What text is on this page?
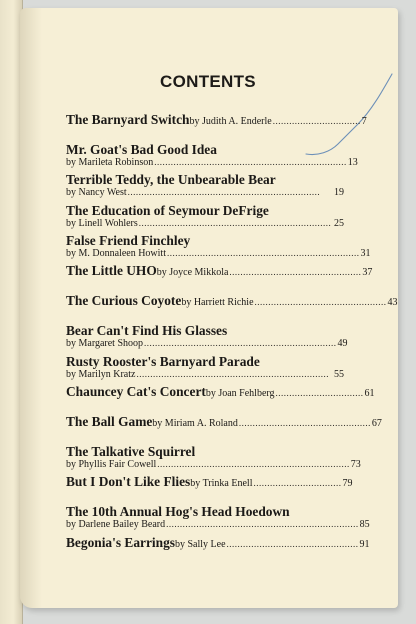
CONTENTS
The Barnyard Switch by Judith A. Enderle ................................ 7
Mr. Goat's Bad Good Idea
by Marileta Robinson ...................................................................... 13
Terrible Teddy, the Unbearable Bear
by Nancy West ......................................................................	19
The Education of Seymour DeFrige
by Linell Wohlers ...................................................................... 25
False Friend Finchley
by M. Donnaleen Howitt ...................................................................... 31
The Little UHO by Joyce Mikkola ................................................ 37
The Curious Coyote by Harriett Richie ................................................ 43
Bear Can't Find His Glasses
by Margaret Shoop ...................................................................... 49
Rusty Rooster's Barnyard Parade
by Marilyn Kratz ...................................................................... 55
Chauncey Cat's Concert by Joan Fehlberg ................................ 61
The Ball Game by Miriam A. Roland ................................................ 67
The Talkative Squirrel
by Phyllis Fair Cowell ...................................................................... 73
But I Don't Like Flies by Trinka Enell ................................ 79
The 10th Annual Hog's Head Hoedown
by Darlene Bailey Beard ...................................................................... 85
Begonia's Earrings by Sally Lee ................................................ 91
